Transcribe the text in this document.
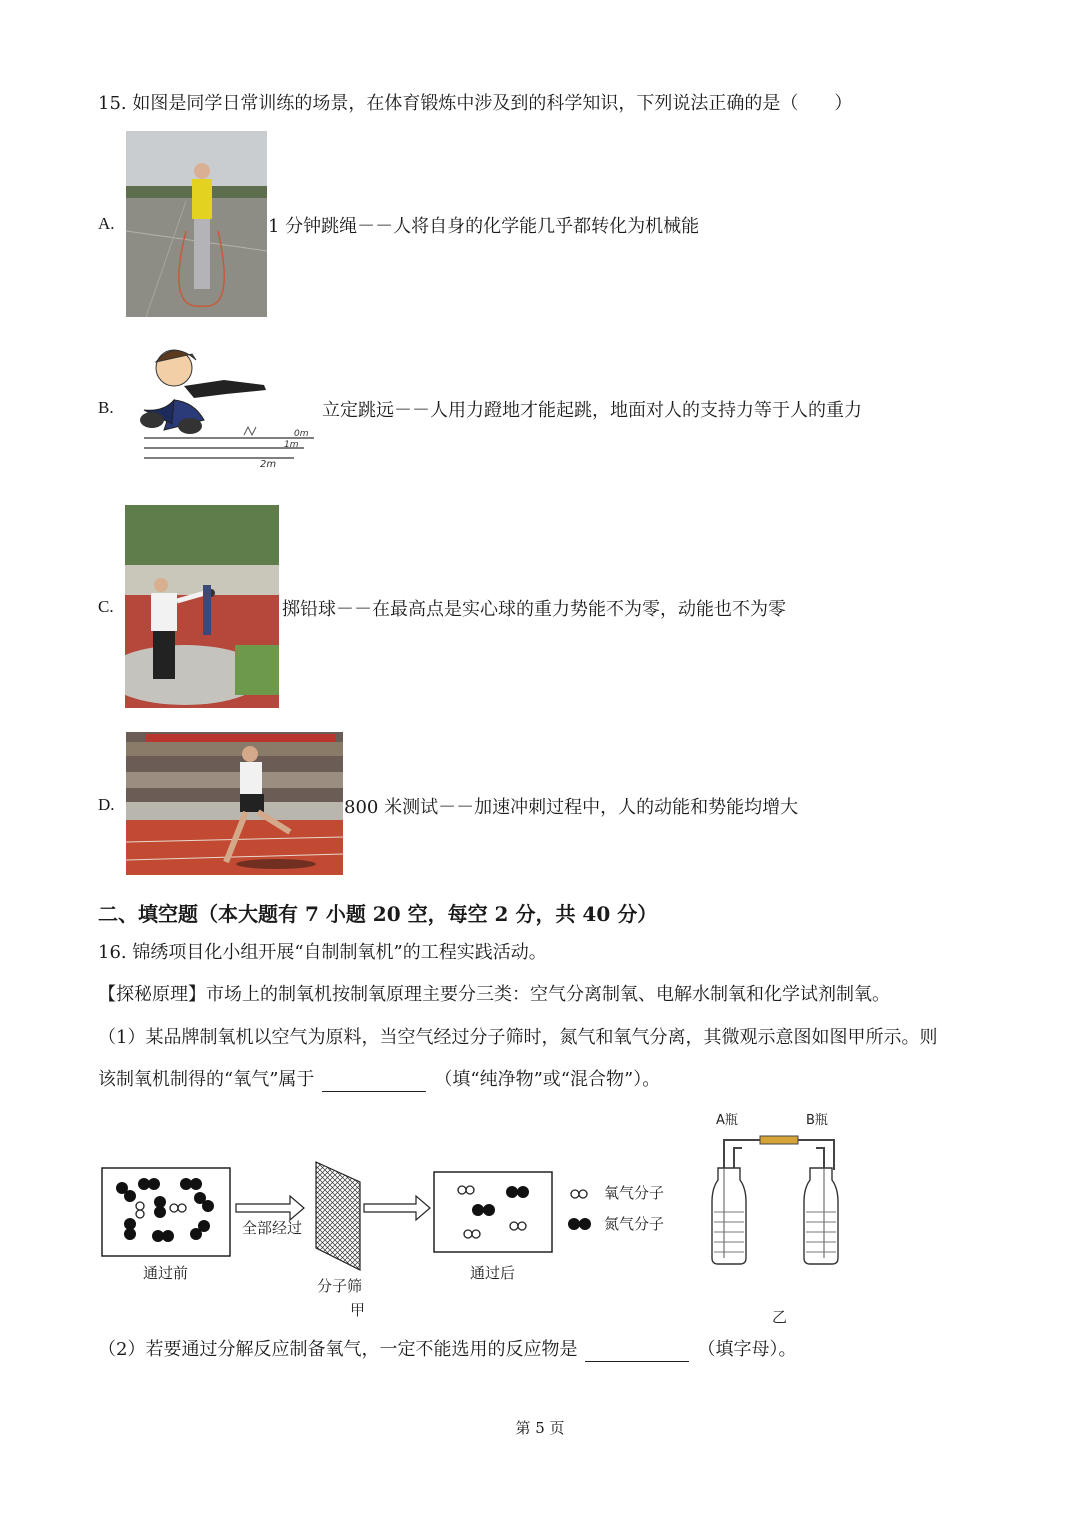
15. 如图是同学日常训练的场景，在体育锻炼中涉及到的科学知识，下列说法正确的是（　　）
A.	1 分钟跳绳－－人将自身的化学能几乎都转化为机械能
B.
0m
1m
2m
立定跳远－－人用力蹬地才能起跳，地面对人的支持力等于人的重力
C.	掷铅球－－在最高点是实心球的重力势能不为零，动能也不为零
D.	800 米测试－－加速冲刺过程中，人的动能和势能均增大
二、填空题（本大题有 7 小题 20 空，每空 2 分，共 40 分）
16. 锦绣项目化小组开展“自制制氧机”的工程实践活动。
【探秘原理】市场上的制氧机按制氧原理主要分三类：空气分离制氧、电解水制氧和化学试剂制氧。
（1）某品牌制氧机以空气为原料，当空气经过分子筛时，氮气和氧气分离，其微观示意图如图甲所示。则
该制氧机制得的“氧气”属于	（填“纯净物”或“混合物”）。
全部经过
分子筛
甲
氧气分子
氮气分子
通过前	通过后
A瓶	B瓶
乙
（2）若要通过分解反应制备氧气，一定不能选用的反应物是	（填字母）。
第 5 页
